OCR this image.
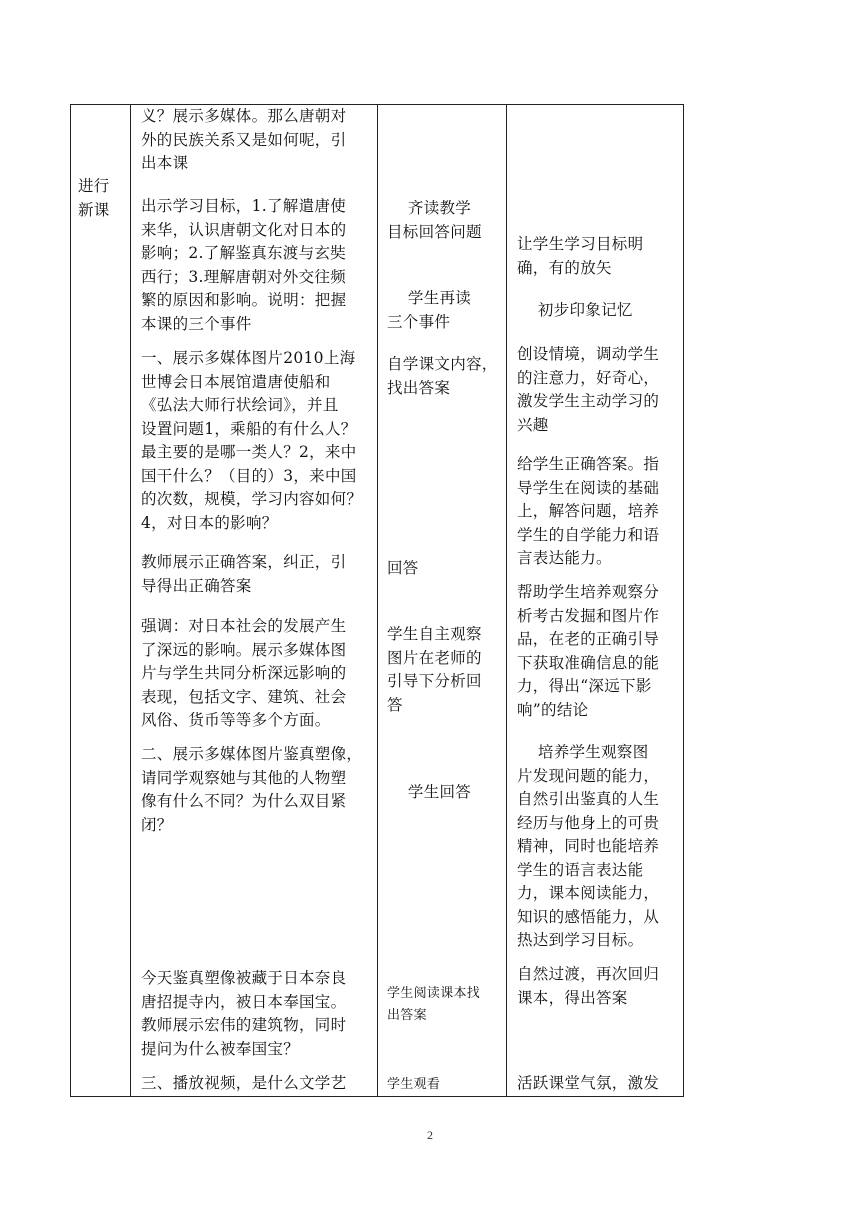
进行
新课
义？展示多媒体。那么唐朝对
外的民族关系又是如何呢，引
出本课
出示学习目标，1.了解遣唐使
来华，认识唐朝文化对日本的
影响；2.了解鉴真东渡与玄奘
西行；3.理解唐朝对外交往频
繁的原因和影响。说明：把握
本课的三个事件
一、展示多媒体图片2010上海
世博会日本展馆遣唐使船和
《弘法大师行状绘词》，并且
设置问题1，乘船的有什么人？
最主要的是哪一类人？2，来中
国干什么？（目的）3，来中国
的次数，规模，学习内容如何？
4，对日本的影响？
教师展示正确答案，纠正，引
导得出正确答案
强调：对日本社会的发展产生
了深远的影响。展示多媒体图
片与学生共同分析深远影响的
表现，包括文字、建筑、社会
风俗、货币等等多个方面。
二、展示多媒体图片鉴真塑像，
请同学观察她与其他的人物塑
像有什么不同？为什么双目紧
闭？
今天鉴真塑像被藏于日本奈良
唐招提寺内，被日本奉国宝。
教师展示宏伟的建筑物，同时
提问为什么被奉国宝？
三、播放视频，是什么文学艺
齐读教学
目标回答问题
学生再读
三个事件
自学课文内容，
找出答案
回答
学生自主观察
图片在老师的
引导下分析回
答
学生回答
学生阅读课本找
出答案
学生观看
让学生学习目标明
确，有的放矢
初步印象记忆
创设情境，调动学生
的注意力，好奇心，
激发学生主动学习的
兴趣
给学生正确答案。指
导学生在阅读的基础
上，解答问题，培养
学生的自学能力和语
言表达能力。
帮助学生培养观察分
析考古发掘和图片作
品，在老的正确引导
下获取准确信息的能
力，得出“深远下影
响”的结论
培养学生观察图
片发现问题的能力，
自然引出鉴真的人生
经历与他身上的可贵
精神，同时也能培养
学生的语言表达能
力，课本阅读能力，
知识的感悟能力，从
热达到学习目标。
自然过渡，再次回归
课本，得出答案
活跃课堂气氛，激发
2
